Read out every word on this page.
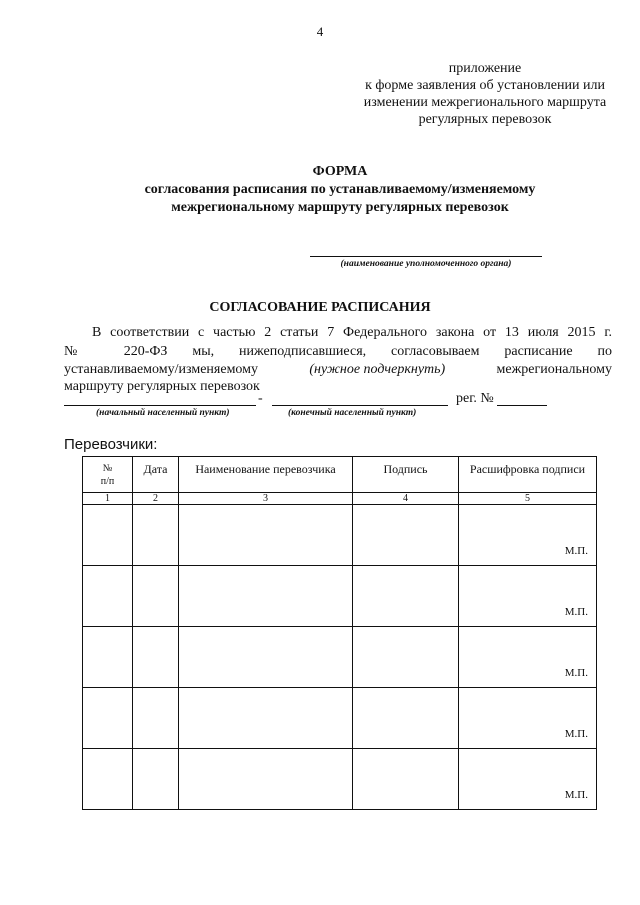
4
приложение
к форме заявления об установлении или
изменении межрегионального маршрута
регулярных перевозок
ФОРМА
согласования расписания по устанавливаемому/изменяемому
межрегиональному маршруту регулярных перевозок
(наименование уполномоченного органа)
СОГЛАСОВАНИЕ РАСПИСАНИЯ
В соответствии с частью 2 статьи 7 Федерального закона от 13 июля 2015 г.
№ 220-ФЗ мы, нижеподписавшиеся, согласовываем расписание по
устанавливаемому/изменяемому	(нужное подчеркнуть)	межрегиональному
маршруту регулярных перевозок
-	рег. №
(начальный населенный пункт)	(конечный населенный пункт)
Перевозчики:
№
п/п	Дата	Наименование перевозчика	Подпись	Расшифровка подписи
1	2	3	4	5
				М.П.
				М.П.
				М.П.
				М.П.
				М.П.
